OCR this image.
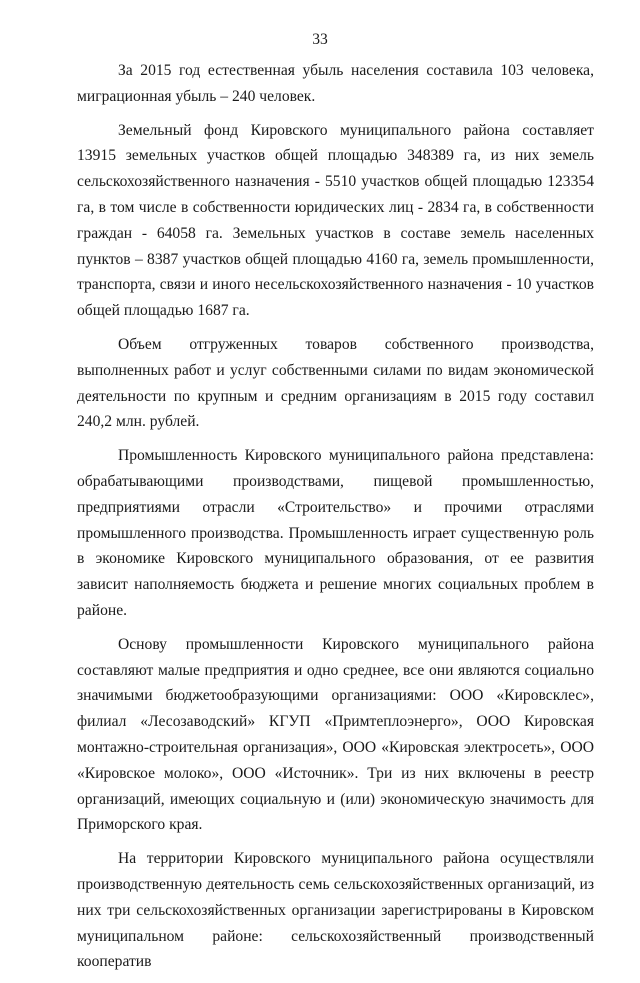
33

За 2015 год естественная убыль населения составила 103 человека, миграционная убыль – 240 человек.

Земельный фонд Кировского муниципального района составляет 13915 земельных участков общей площадью 348389 га, из них земель сельскохозяйственного назначения - 5510 участков общей площадью 123354 га, в том числе в собственности юридических лиц - 2834 га, в собственности граждан - 64058 га. Земельных участков в составе земель населенных пунктов – 8387 участков общей площадью 4160 га, земель промышленности, транспорта, связи и иного несельскохозяйственного назначения - 10 участков общей площадью 1687 га.

Объем отгруженных товаров собственного производства, выполненных работ и услуг собственными силами по видам экономической деятельности по крупным и средним организациям в 2015 году составил 240,2 млн. рублей.

Промышленность Кировского муниципального района представлена: обрабатывающими производствами, пищевой промышленностью, предприятиями отрасли «Строительство» и прочими отраслями промышленного производства. Промышленность играет существенную роль в экономике Кировского муниципального образования, от ее развития зависит наполняемость бюджета и решение многих социальных проблем в районе.

Основу промышленности Кировского муниципального района составляют малые предприятия и одно среднее, все они являются социально значимыми бюджетообразующими организациями: ООО «Кировсклес», филиал «Лесозаводский» КГУП «Примтеплоэнерго», ООО Кировская монтажно-строительная организация», ООО «Кировская электросеть», ООО «Кировское молоко», ООО «Источник». Три из них включены в реестр организаций, имеющих социальную и (или) экономическую значимость для Приморского края.

На территории Кировского муниципального района осуществляли производственную деятельность семь сельскохозяйственных организаций, из них три сельскохозяйственных организации зарегистрированы в Кировском муниципальном районе: сельскохозяйственный производственный кооператив
